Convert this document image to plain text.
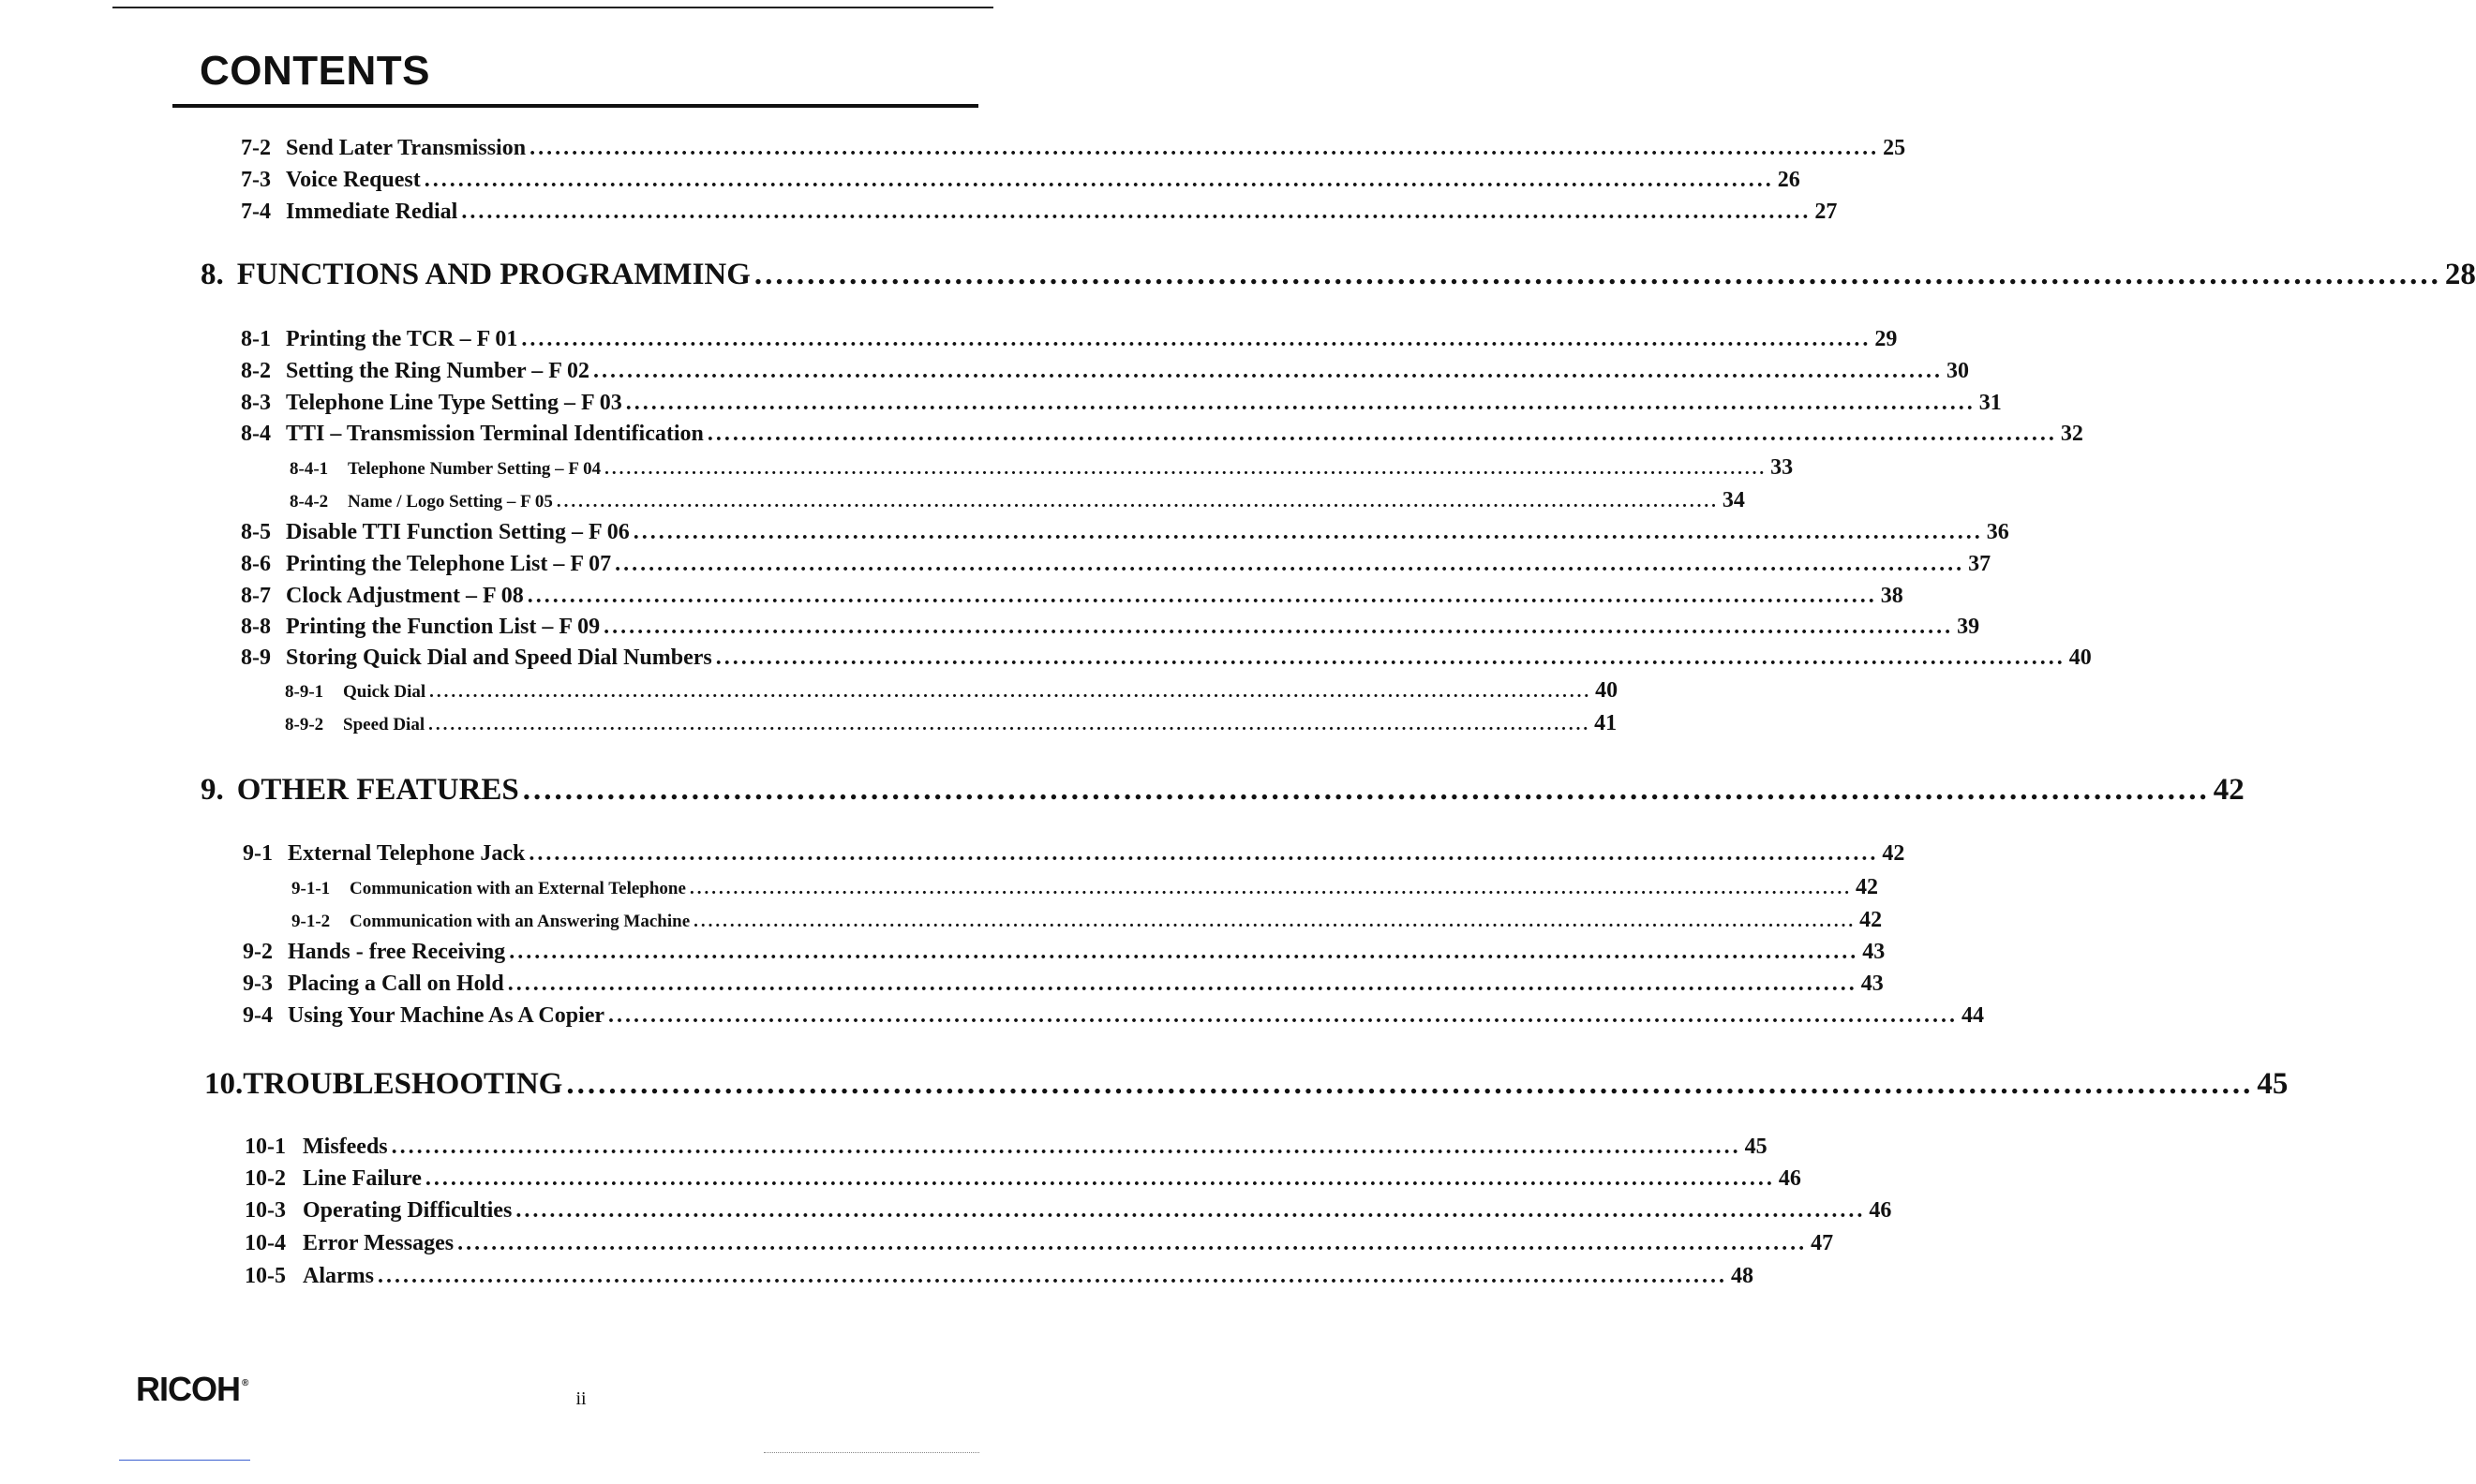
CONTENTS
7-2 Send Later Transmission ................................................................................................................................................................ 25
7-3 Voice Request ................................................................................................................................................................ 26
7-4 Immediate Redial ................................................................................................................................................................ 27
8. FUNCTIONS AND PROGRAMMING ................................................................................................................................................................ 28
8-1 Printing the TCR – F 01 ................................................................................................................................................................ 29
8-2 Setting the Ring Number – F 02 ................................................................................................................................................................ 30
8-3 Telephone Line Type Setting – F 03 ................................................................................................................................................................ 31
8-4 TTI – Transmission Terminal Identification ................................................................................................................................................................ 32
8-4-1	Telephone Number Setting – F 04 ................................................................................................................................................................ 33
8-4-2	Name / Logo Setting – F 05 ................................................................................................................................................................ 34
8-5 Disable TTI Function Setting – F 06 ................................................................................................................................................................ 36
8-6 Printing the Telephone List – F 07 ................................................................................................................................................................ 37
8-7 Clock Adjustment – F 08 ................................................................................................................................................................ 38
8-8 Printing the Function List – F 09 ................................................................................................................................................................ 39
8-9 Storing Quick Dial and Speed Dial Numbers ................................................................................................................................................................ 40
8-9-1	Quick Dial ................................................................................................................................................................ 40
8-9-2	Speed Dial ................................................................................................................................................................ 41
9. OTHER FEATURES ................................................................................................................................................................ 42
9-1 External Telephone Jack ................................................................................................................................................................ 42
9-1-1	Communication with an External Telephone ................................................................................................................................................................ 42
9-1-2	Communication with an Answering Machine ................................................................................................................................................................ 42
9-2 Hands - free Receiving ................................................................................................................................................................ 43
9-3 Placing a Call on Hold ................................................................................................................................................................ 43
9-4 Using Your Machine As A Copier ................................................................................................................................................................ 44
10. TROUBLESHOOTING ................................................................................................................................................................ 45
10-1 Misfeeds ................................................................................................................................................................ 45
10-2 Line Failure ................................................................................................................................................................ 46
10-3 Operating Difficulties ................................................................................................................................................................ 46
10-4 Error Messages ................................................................................................................................................................ 47
10-5 Alarms ................................................................................................................................................................ 48
RICOH ®
ii
